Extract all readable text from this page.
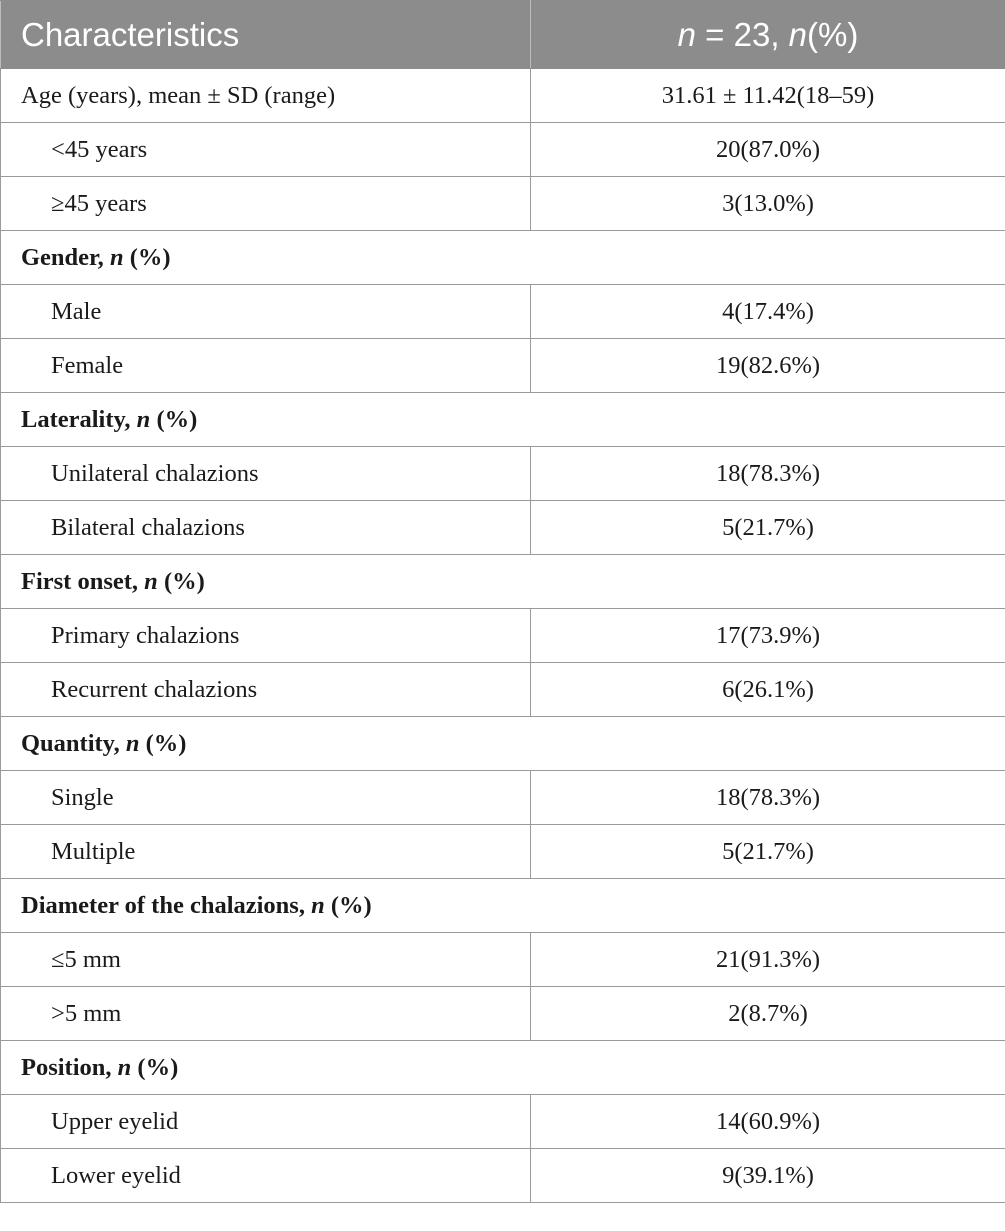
Characteristics	n = 23, n(%)
Age (years), mean ± SD (range)	31.61 ± 11.42(18–59)
<45 years	20(87.0%)
≥45 years	3(13.0%)
Gender, n (%)	
Male	4(17.4%)
Female	19(82.6%)
Laterality, n (%)	
Unilateral chalazions	18(78.3%)
Bilateral chalazions	5(21.7%)
First onset, n (%)	
Primary chalazions	17(73.9%)
Recurrent chalazions	6(26.1%)
Quantity, n (%)	
Single	18(78.3%)
Multiple	5(21.7%)
Diameter of the chalazions, n (%)	
≤5 mm	21(91.3%)
>5 mm	2(8.7%)
Position, n (%)	
Upper eyelid	14(60.9%)
Lower eyelid	9(39.1%)
